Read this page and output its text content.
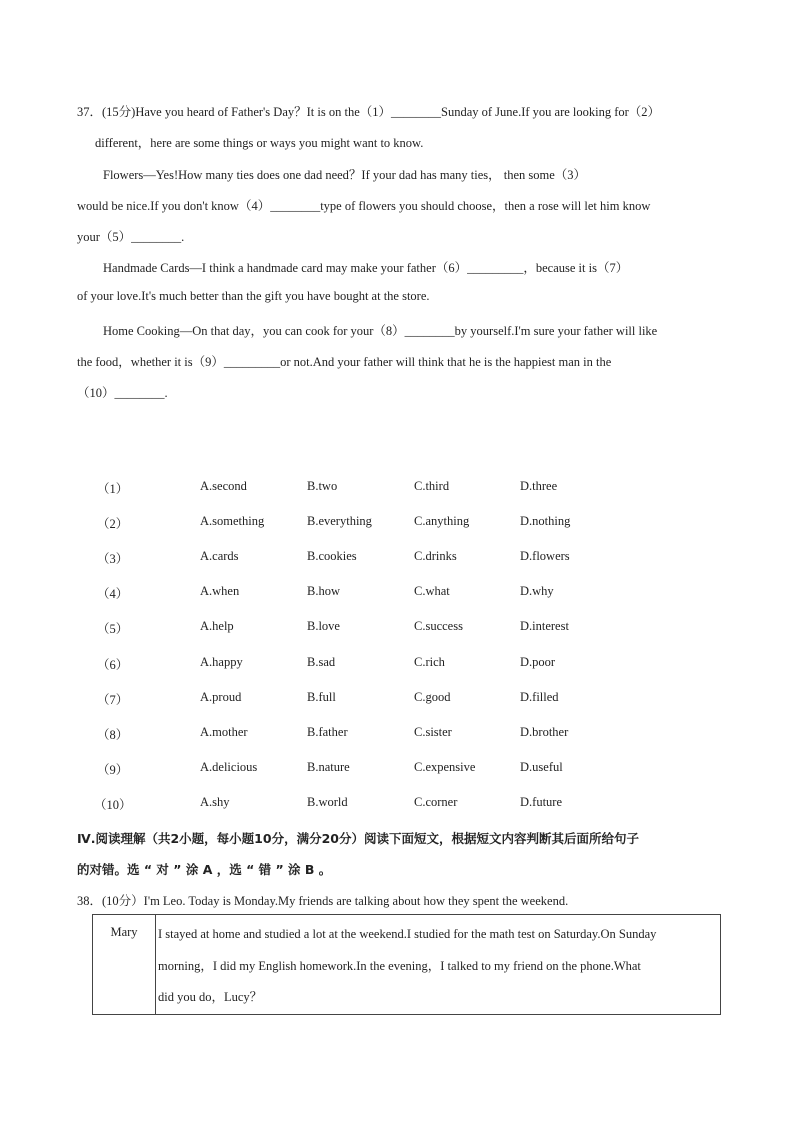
37．(15分)Have you heard of Father's Day？It is on the（1）________Sunday of June.If you are looking for（2）
different，here are some things or ways you might want to know.
Flowers—Yes!How many ties does one dad need？If your dad has many ties， then some（3）
would be nice.If you don't know（4）________type of flowers you should choose，then a rose will let him know
your（5）________.
Handmade Cards—I think a handmade card may make your father（6）_________，because it is（7）
of your love.It's much better than the gift you have bought at the store.
Home Cooking—On that day，you can cook for your（8）________by yourself.I'm sure your father will like
the food，whether it is（9）_________or not.And your father will think that he is the happiest man in the
（10）________.
（1）	A.second	B.two	C.third	D.three
（2）	A.something	B.everything	C.anything	D.nothing
（3）	A.cards	B.cookies	C.drinks	D.flowers
（4）	A.when	B.how	C.what	D.why
（5）	A.help	B.love	C.success	D.interest
（6）	A.happy	B.sad	C.rich	D.poor
（7）	A.proud	B.full	C.good	D.filled
（8）	A.mother	B.father	C.sister	D.brother
（9）	A.delicious	B.nature	C.expensive	D.useful
（10）	A.shy	B.world	C.corner	D.future
Ⅳ.阅读理解（共2小题，每小题10分，满分20分）阅读下面短文，根据短文内容判断其后面所给句子
的对错。选 “ 对 ” 涂 A ，选 “ 错 ” 涂 B 。
38．(10分）I'm Leo. Today is Monday.My friends are talking about how they spent the weekend.
Mary	I stayed at home and studied a lot at the weekend.I studied for the math test on Saturday.On Sunday
morning，I did my English homework.In the evening，I talked to my friend on the phone.What
did you do，Lucy？
